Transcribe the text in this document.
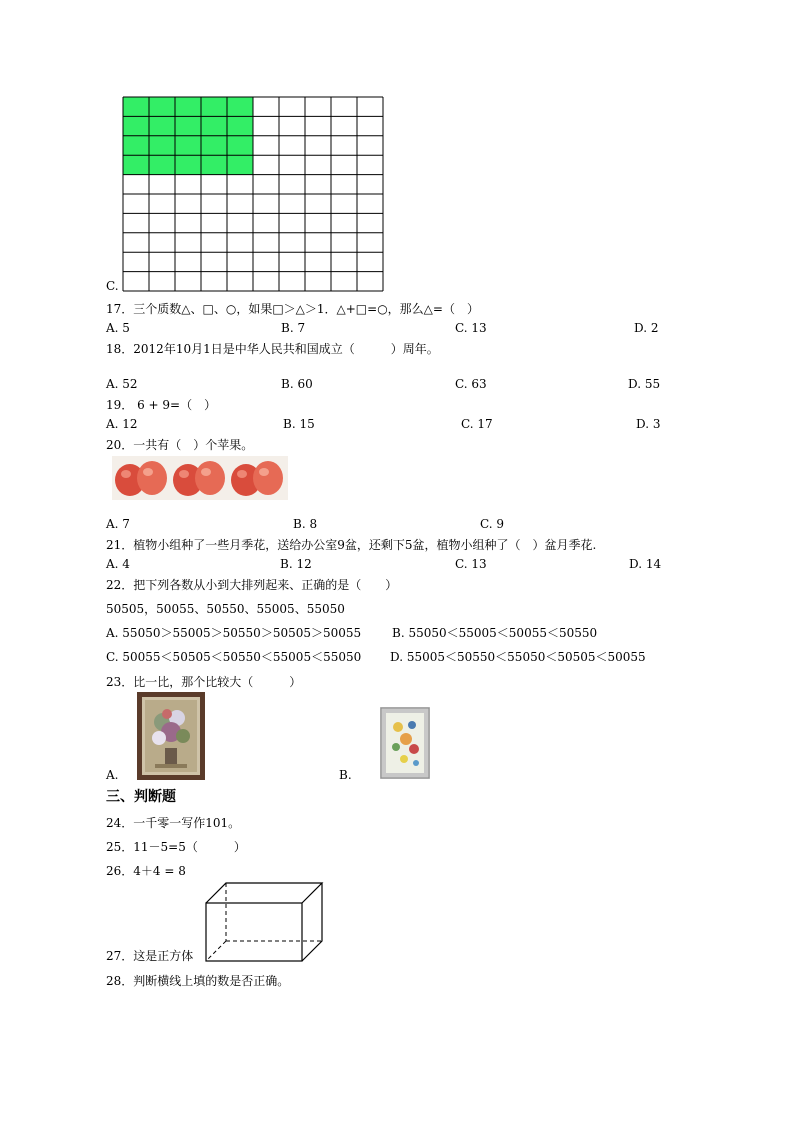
C.
17．三个质数△、□、○，如果□＞△＞1．△+□=○，那么△=（　）
A. 5	B. 7	C. 13	D. 2
18．2012年10月1日是中华人民共和国成立（　　　）周年。
A. 52	B. 60	C. 63	D. 55
19． 6 + 9=（　）
A. 12	B. 15	C. 17	D. 3
20．一共有（　）个苹果。
A. 7	B. 8	C. 9
21．植物小组种了一些月季花，送给办公室9盆，还剩下5盆，植物小组种了（　）盆月季花.
A. 4	B. 12	C. 13	D. 14
22．把下列各数从小到大排列起来、正确的是（　　）
50505，50055、50550、55005、55050
A. 55050＞55005＞50550＞50505＞50055	B. 55050＜55005＜50055＜50550
C. 50055＜50505＜50550＜55005＜55050 D. 55005＜50550＜55050＜50505＜50055
23．比一比，那个比较大（　　　）
A.	B.
三、判断题
24．一千零一写作101。
25．11－5=5（　　　）
26．4＋4 = 8
27．这是正方体
28．判断横线上填的数是否正确。
